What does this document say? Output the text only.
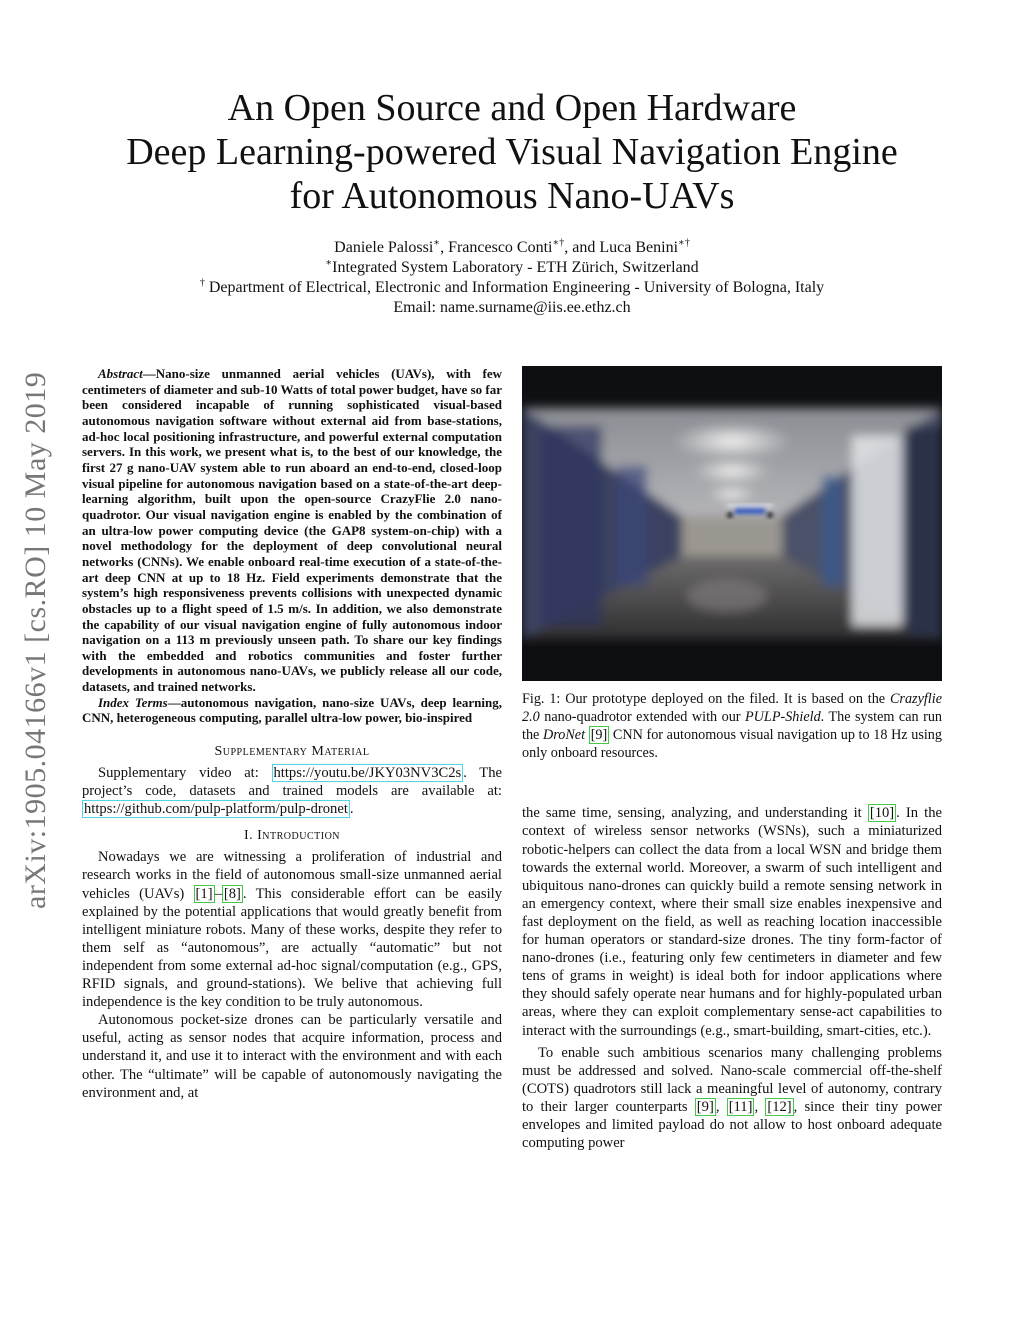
arXiv:1905.04166v1 [cs.RO] 10 May 2019
An Open Source and Open Hardware
Deep Learning-powered Visual Navigation Engine
for Autonomous Nano-UAVs
Daniele Palossi∗, Francesco Conti∗†, and Luca Benini∗†
∗Integrated System Laboratory - ETH Zürich, Switzerland
† Department of Electrical, Electronic and Information Engineering - University of Bologna, Italy
Email: name.surname@iis.ee.ethz.ch

Abstract—Nano-size unmanned aerial vehicles (UAVs), with few centimeters of diameter and sub-10 Watts of total power budget, have so far been considered incapable of running sophisticated visual-based autonomous navigation software without external aid from base-stations, ad-hoc local positioning infrastructure, and powerful external computation servers. In this work, we present what is, to the best of our knowledge, the first 27 g nano-UAV system able to run aboard an end-to-end, closed-loop visual pipeline for autonomous navigation based on a state-of-the-art deep-learning algorithm, built upon the open-source CrazyFlie 2.0 nano-quadrotor. Our visual navigation engine is enabled by the combination of an ultra-low power computing device (the GAP8 system-on-chip) with a novel methodology for the deployment of deep convolutional neural networks (CNNs). We enable onboard real-time execution of a state-of-the-art deep CNN at up to 18 Hz. Field experiments demonstrate that the system’s high responsiveness prevents collisions with unexpected dynamic obstacles up to a flight speed of 1.5 m/s. In addition, we also demonstrate the capability of our visual navigation engine of fully autonomous indoor navigation on a 113 m previously unseen path. To share our key findings with the embedded and robotics communities and foster further developments in autonomous nano-UAVs, we publicly release all our code, datasets, and trained networks.

Index Terms—autonomous navigation, nano-size UAVs, deep learning, CNN, heterogeneous computing, parallel ultra-low power, bio-inspired

Supplementary Material

Supplementary video at: https://youtu.be/JKY03NV3C2s . The project’s code, datasets and trained models are available at: https://github.com/pulp-platform/pulp-dronet .

I. Introduction

Nowadays we are witnessing a proliferation of industrial and research works in the field of autonomous small-size unmanned aerial vehicles (UAVs) [1] – [8] . This considerable effort can be easily explained by the potential applications that would greatly benefit from intelligent miniature robots. Many of these works, despite they refer to them self as “autonomous”, are actually “automatic” but not independent from some external ad-hoc signal/computation (e.g., GPS, RFID signals, and ground-stations). We belive that achieving full independence is the key condition to be truly autonomous.

Autonomous pocket-size drones can be particularly versatile and useful, acting as sensor nodes that acquire information, process and understand it, and use it to interact with the environment and with each other. The “ultimate” will be capable of autonomously navigating the environment and, at

Fig. 1: Our prototype deployed on the filed. It is based on the Crazyflie 2.0 nano-quadrotor extended with our PULP-Shield. The system can run the DroNet [9] CNN for autonomous visual navigation up to 18 Hz using only onboard resources.

the same time, sensing, analyzing, and understanding it [10] . In the context of wireless sensor networks (WSNs), such a miniaturized robotic-helpers can collect the data from a local WSN and bridge them towards the external world. Moreover, a swarm of such intelligent and ubiquitous nano-drones can quickly build a remote sensing network in an emergency context, where their small size enables inexpensive and fast deployment on the field, as well as reaching location inaccessible for human operators or standard-size drones. The tiny form-factor of nano-drones (i.e., featuring only few centimeters in diameter and few tens of grams in weight) is ideal both for indoor applications where they should safely operate near humans and for highly-populated urban areas, where they can exploit complementary sense-act capabilities to interact with the surroundings (e.g., smart-building, smart-cities, etc.).

To enable such ambitious scenarios many challenging problems must be addressed and solved. Nano-scale commercial off-the-shelf (COTS) quadrotors still lack a meaningful level of autonomy, contrary to their larger counterparts [9] , [11] , [12] , since their tiny power envelopes and limited payload do not allow to host onboard adequate computing power
